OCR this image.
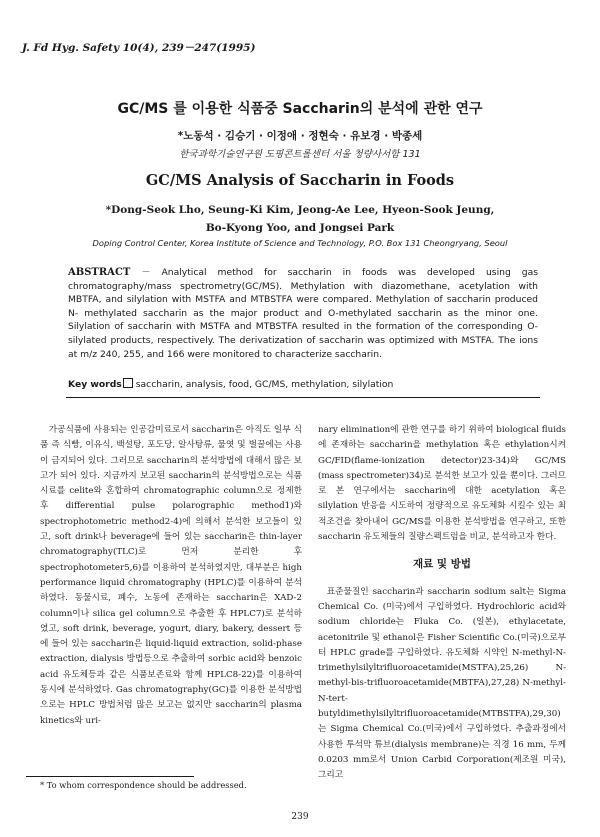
J. Fd Hyg. Safety 10(4), 239－247(1995)
GC/MS 를 이용한 식품중 Saccharin의 분석에 관한 연구
*노동석 · 김승기 · 이정애 · 정현숙 · 유보경 · 박종세
한국과학기술연구원 도핑콘트롤센터 서울 청량사서함 131
GC/MS Analysis of Saccharin in Foods
*Dong-Seok Lho, Seung-Ki Kim, Jeong-Ae Lee, Hyeon-Sook Jeung,
Bo-Kyong Yoo, and Jongsei Park
Doping Control Center, Korea Institute of Science and Technology, P.O. Box 131 Cheongryang, Seoul
ABSTRACT － Analytical method for saccharin in foods was developed using gas chromatography/mass spectrometry(GC/MS). Methylation with diazomethane, acetylation with MBTFA, and silylation with MSTFA and MTBSTFA were compared. Methylation of saccharin produced N- methylated saccharin as the major product and O-methylated saccharin as the minor one. Silylation of saccharin with MSTFA and MTBSTFA resulted in the formation of the corresponding O-silylated products, respectively. The derivatization of saccharin was optimized with MSTFA. The ions at m/z 240, 255, and 166 were monitored to characterize saccharin.
Key words saccharin, analysis, food, GC/MS, methylation, silylation

가공식품에 사용되는 인공감미료로서 saccharin은 아직도 일부 식품 즉 식빵, 이유식, 백설탕, 포도당, 알사탕류, 물엿 및 벌꿀에는 사용이 금지되어 있다. 그러므로 saccharin의 분석방법에 대해서 많은 보고가 되어 있다. 지금까지 보고된 saccharin의 분석방법으로는 식품시료를 celite와 혼합하여 chromatographic column으로 정제한 후 differential pulse polarographic method1)와 spectrophotometric method2-4)에 의해서 분석한 보고들이 있고, soft drink나 beverage에 들어 있는 saccharin은 thin-layer chromatography(TLC)로 먼저 분리한 후 spectrophotometer5,6)를 이용하여 분석하였지만, 대부분은 high performance liquid chromatography (HPLC)를 이용하여 분석하였다. 동물시료, 폐수, 노동에 존재하는 saccharin은 XAD-2 column이나 silica gel column으로 추출한 후 HPLC7)로 분석하였고, soft drink, beverage, yogurt, diary, bakery, dessert 등에 들어 있는 saccharin은 liquid-liquid extraction, solid-phase extraction, dialysis 방법등으로 추출하여 sorbic acid와 benzoic acid 유도체등과 같은 식품보존료와 함께 HPLC8-22)를 이용하여 동시에 분석하였다. Gas chromatography(GC)를 이용한 분석방법으로는 HPLC 방법처럼 많은 보고는 없지만 saccharin의 plasma kinetics와 uri-

nary elimination에 관한 연구를 하기 위하여 biological fluids에 존재하는 saccharin을 methylation 혹은 ethylation시켜 GC/FID(flame-ionization detector)23-34)와 GC/MS (mass spectrometer)34)로 분석한 보고가 있을 뿐이다. 그러므로 본 연구에서는 saccharin에 대한 acetylation 혹은 silylation 반응을 시도하여 정량적으로 유도체화 시킬수 있는 최적조건을 찾아내어 GC/MS를 이용한 분석방법을 연구하고, 또한 saccharin 유도체들의 질량스펙트럼을 비교, 분석하고자 한다.

재료 및 방법

표준물질인 saccharin과 saccharin sodium salt는 Sigma Chemical Co. (미국)에서 구입하였다. Hydrochloric acid와 sodium chloride는 Fluka Co. (일본), ethylacetate, acetonitrile 및 ethanol은 Fisher Scientific Co.(미국)으로부터 HPLC grade를 구입하였다. 유도체화 시약인 N-methyl-N-trimethylsilyltrifluoroacetamide(MSTFA),25,26) N-methyl-bis-trifluoroacetamide(MBTFA),27,28) N-methyl-N-tert-butyldimethylsilyltrifluoroacetamide(MTBSTFA),29,30)는 Sigma Chemical Co.(미국)에서 구입하였다. 추출과정에서 사용한 투석막 튜브(dialysis membrane)는 직경 16 mm, 두께 0.0203 mm로서 Union Carbid Corporation(제조원 미국), 그리고

* To whom correspondence should be addressed.
239
